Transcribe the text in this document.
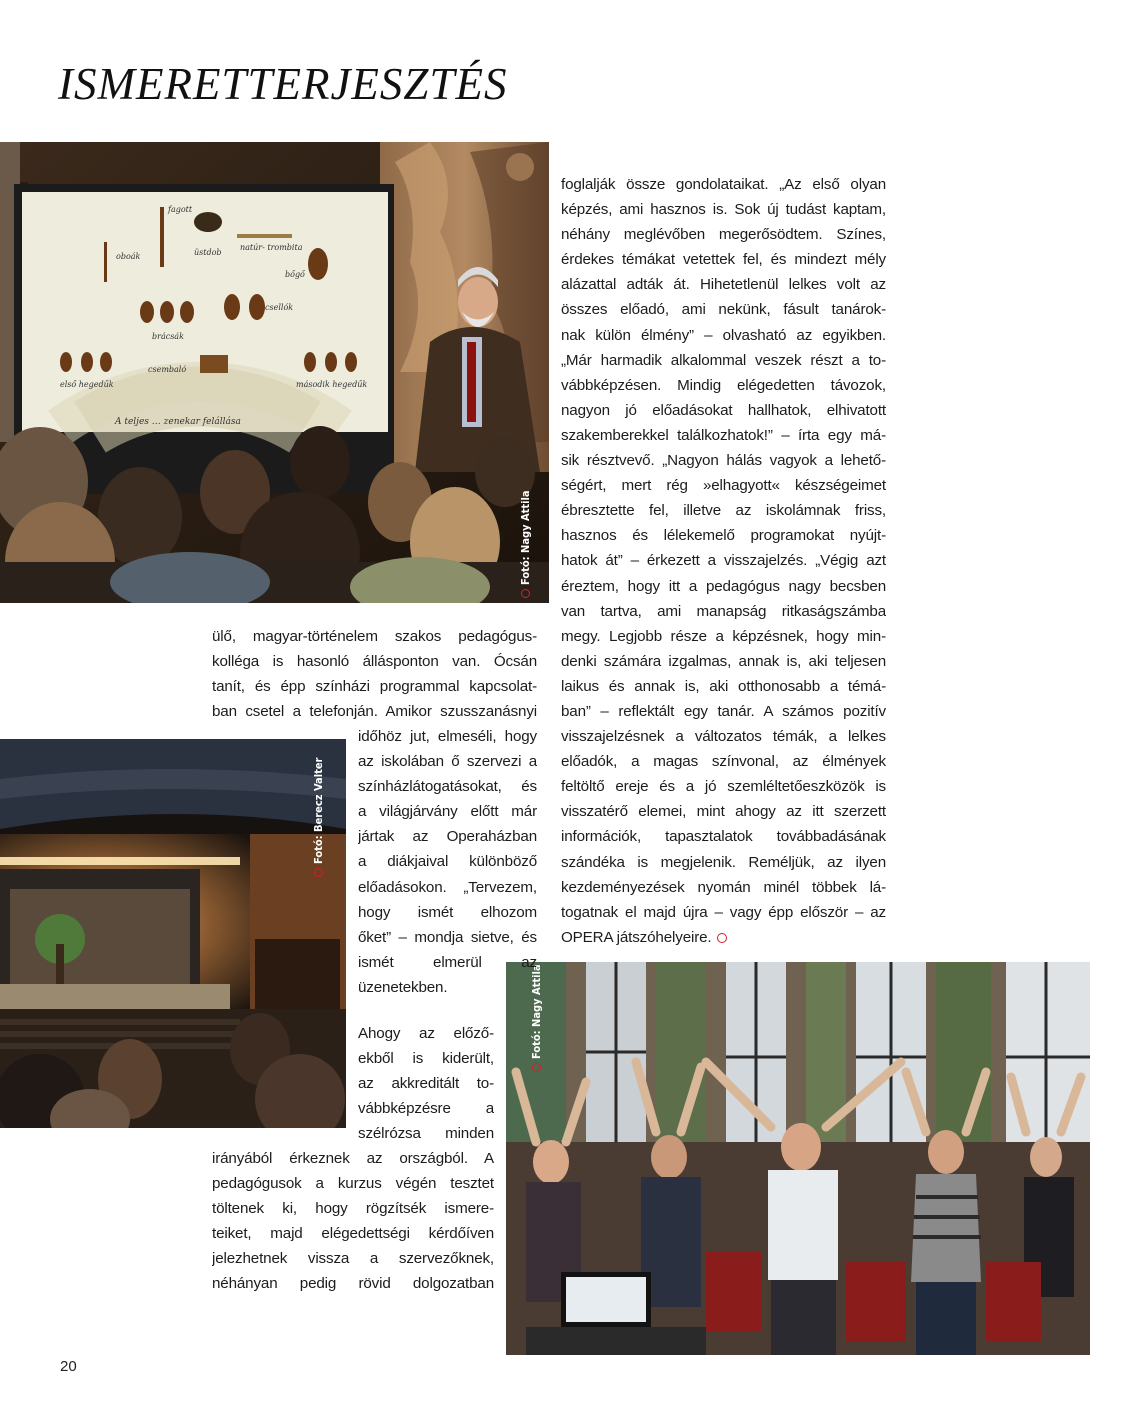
ISMERETTERJESZTÉS
fagott
oboák	üstdob
natúr- trombita
bőgő
brácsák
csellók
csembaló
első hegedűk	második hegedűk
A teljes … zenekar felállása
Fotó: Nagy Attila
Fotó: Berecz Valter
Fotó: Nagy Attila
foglalják össze gondolataikat. „Az első olyan
képzés, ami hasznos is. Sok új tudást kaptam,
néhány meglévőben megerősödtem. Színes,
érdekes témákat vetettek fel, és mindezt mély
alázattal adták át. Hihetetlenül lelkes volt az
összes előadó, ami nekünk, fásult tanárok-
nak külön élmény” – olvasható az egyikben.
„Már harmadik alkalommal veszek részt a to-
vábbképzésen. Mindig elégedetten távozok,
nagyon jó előadásokat hallhatok, elhivatott
szakemberekkel találkozhatok!” – írta egy má-
sik résztvevő. „Nagyon hálás vagyok a lehető-
ségért, mert rég »elhagyott« készségeimet
ébresztette fel, illetve az iskolámnak friss,
hasznos és lélekemelő programokat nyújt-
hatok át” – érkezett a visszajelzés. „Végig azt
éreztem, hogy itt a pedagógus nagy becsben
van tartva, ami manapság ritkaságszámba
megy. Legjobb része a képzésnek, hogy min-
denki számára izgalmas, annak is, aki teljesen
laikus és annak is, aki otthonosabb a témá-
ban” – reflektált egy tanár. A számos pozitív
visszajelzésnek a változatos témák, a lelkes
előadók, a magas színvonal, az élmények
feltöltő ereje és a jó szemléltetőeszközök is
visszatérő elemei, mint ahogy az itt szerzett
információk, tapasztalatok továbbadásának
szándéka is megjelenik. Reméljük, az ilyen
kezdeményezések nyomán minél többek lá-
togatnak el majd újra – vagy épp először – az
OPERA játszóhelyeire.
ülő, magyar-történelem szakos pedagógus-
kolléga is hasonló állásponton van. Ócsán
tanít, és épp színházi programmal kapcsolat-
ban csetel a telefonján. Amikor szusszanásnyi
időhöz jut, elmeséli, hogy
az iskolában ő szervezi a
színházlátogatásokat, és
a világjárvány előtt már
jártak az Operaházban
a diákjaival különböző
előadásokon. „Tervezem,
hogy ismét elhozom
őket” – mondja sietve, és
ismét elmerül az
üzenetekben.
Ahogy az előző-
ekből is kiderült,
az akkreditált to-
vábbképzésre a
szélrózsa minden
irányából érkeznek az országból. A
pedagógusok a kurzus végén tesztet
töltenek ki, hogy rögzítsék ismere-
teiket, majd elégedettségi kérdőíven
jelezhetnek vissza a szervezőknek,
néhányan pedig rövid dolgozatban
20
